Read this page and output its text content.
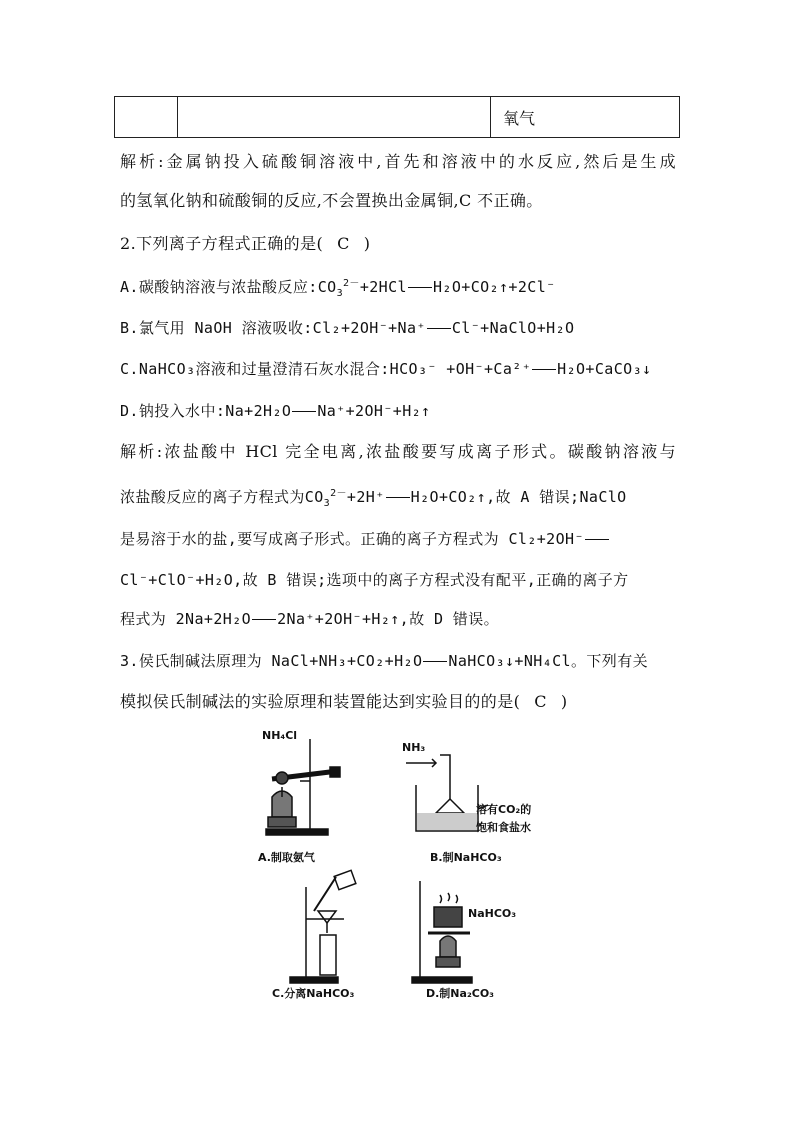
氧气
解析:金属钠投入硫酸铜溶液中,首先和溶液中的水反应,然后是生成
的氢氧化钠和硫酸铜的反应,不会置换出金属铜,C 不正确。
2.下列离子方程式正确的是( C )
A.碳酸钠溶液与浓盐酸反应$:CO_3^{2-}+2HCl$ H₂O+CO₂↑+2Cl⁻
B.氯气用 NaOH 溶液吸收:Cl₂+2OH⁻+Na⁺ Cl⁻+NaClO+H₂O
C.NaHCO₃溶液和过量澄清石灰水混合:HCO₃⁻ +OH⁻+Ca²⁺ H₂O+CaCO₃↓
D.钠投入水中:Na+2H₂O Na⁺+2OH⁻+H₂↑
解析:浓盐酸中 HCl 完全电离,浓盐酸要写成离子形式。碳酸钠溶液与
浓盐酸反应的离子方程式为$CO_3^{2-}+2H^+$ H₂O+CO₂↑,故 A 错误;NaClO
是易溶于水的盐,要写成离子形式。正确的离子方程式为 Cl₂+2OH⁻
Cl⁻+ClO⁻+H₂O,故 B 错误;选项中的离子方程式没有配平,正确的离子方
程式为 2Na+2H₂O 2Na⁺+2OH⁻+H₂↑,故 D 错误。
3.侯氏制碱法原理为 NaCl+NH₃+CO₂+H₂O NaHCO₃↓+NH₄Cl。下列有关
模拟侯氏制碱法的实验原理和装置能达到实验目的的是( C )
NH₄Cl
NH₃
溶有CO₂的
饱和食盐水
NaHCO₃
A.制取氨气	B.制NaHCO₃
C.分离NaHCO₃	D.制Na₂CO₃
